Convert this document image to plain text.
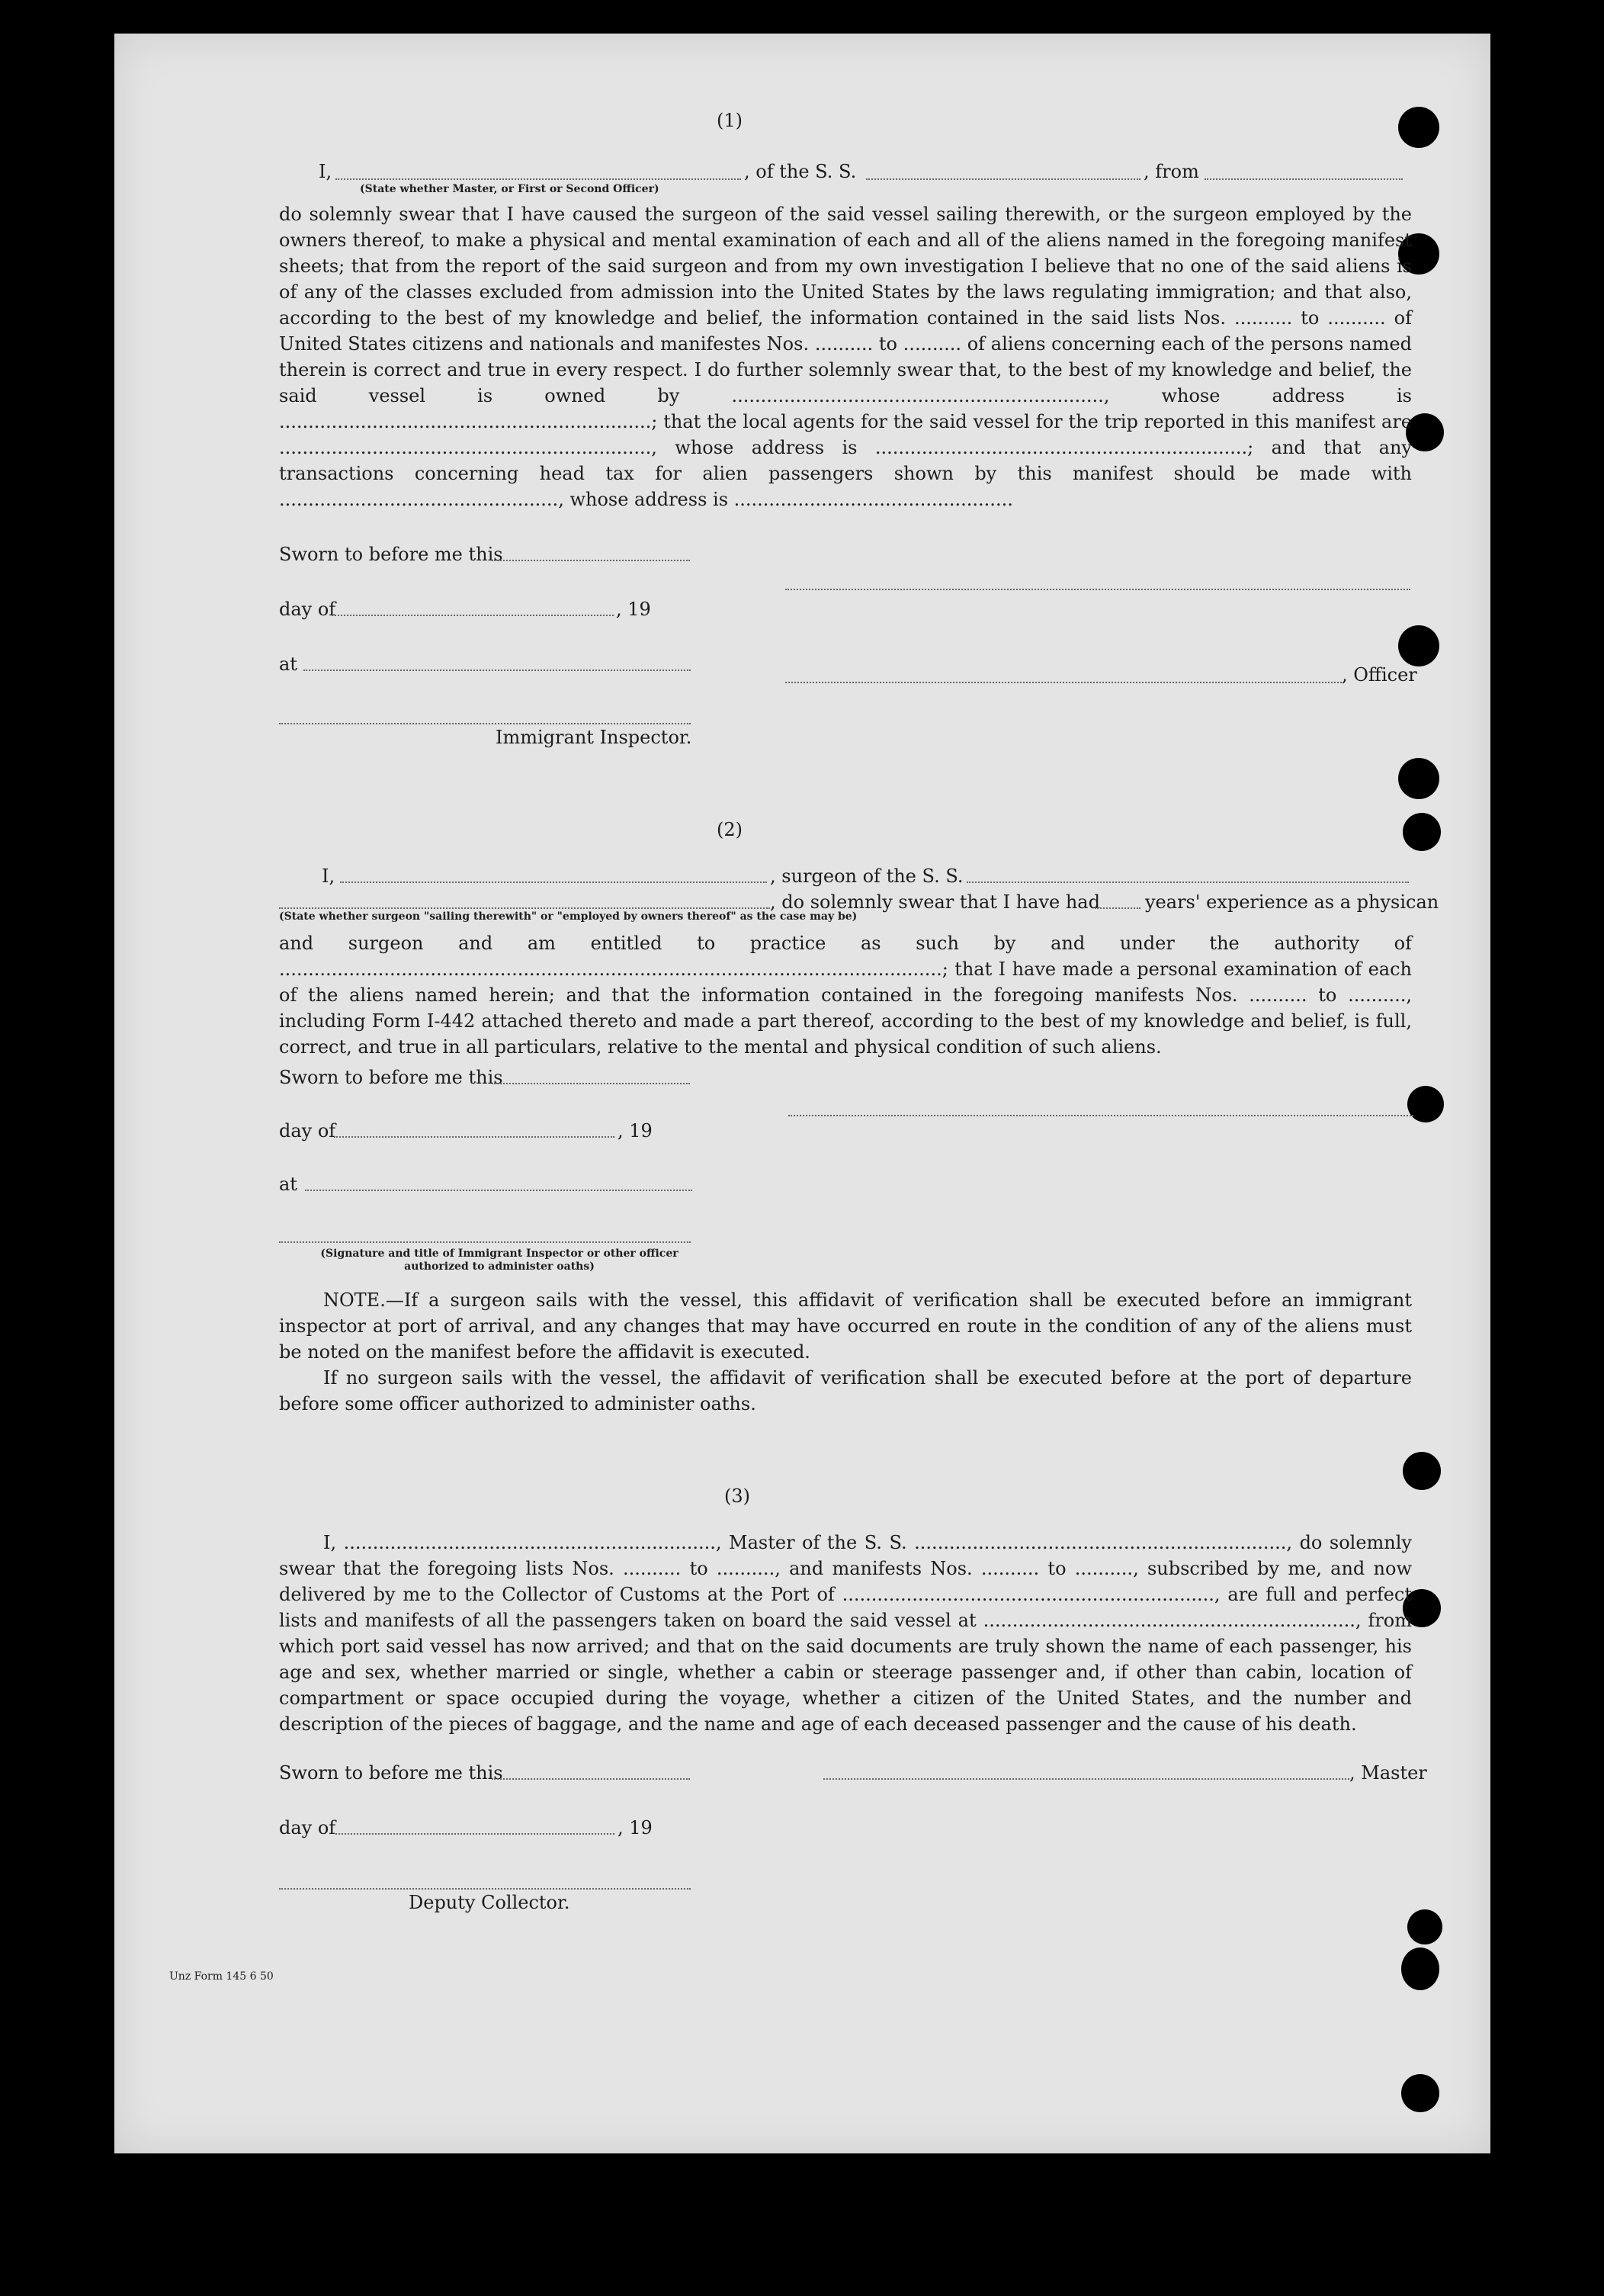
(1)
I,	, of the S. S.	, from
(State whether Master, or First or Second Officer)
do solemnly swear that I have caused the surgeon of the said vessel sailing therewith, or the surgeon employed by the owners thereof, to make a physical and mental examination of each and all of the aliens named in the foregoing manifest sheets; that from the report of the said surgeon and from my own investigation I believe that no one of the said aliens is of any of the classes excluded from admission into the United States by the laws regulating immigration; and that also, according to the best of my knowledge and belief, the information contained in the said lists Nos. .......... to .......... of United States citizens and nationals and manifestes Nos. .......... to .......... of aliens concerning each of the persons named therein is correct and true in every respect. I do further solemnly swear that, to the best of my knowledge and belief, the said vessel is owned by ................................................................, whose address is ................................................................; that the local agents for the said vessel for the trip reported in this manifest are ................................................................, whose address is ................................................................; and that any transactions concerning head tax for alien passengers shown by this manifest should be made with ................................................, whose address is ................................................
Sworn to before me this
day of	, 19
at	, Officer
Immigrant Inspector.
(2)
I,	, surgeon of the S. S.
, do solemnly swear that I have had years' experience as a physican
(State whether surgeon "sailing therewith" or "employed by owners thereof" as the case may be)
and surgeon and am entitled to practice as such by and under the authority of ..................................................................................................................; that I have made a personal examination of each of the aliens named herein; and that the information contained in the foregoing manifests Nos. .......... to .........., including Form I-442 attached thereto and made a part thereof, according to the best of my knowledge and belief, is full, correct, and true in all particulars, relative to the mental and physical condition of such aliens.
Sworn to before me this
day of	, 19
at
(Signature and title of Immigrant Inspector or other officer authorized to administer oaths)
NOTE.—If a surgeon sails with the vessel, this affidavit of verification shall be executed before an immigrant inspector at port of arrival, and any changes that may have occurred en route in the condition of any of the aliens must be noted on the manifest before the affidavit is executed.
If no surgeon sails with the vessel, the affidavit of verification shall be executed before at the port of departure before some officer authorized to administer oaths.
(3)
I, ................................................................, Master of the S. S. ................................................................, do solemnly swear that the foregoing lists Nos. .......... to .........., and manifests Nos. .......... to .........., subscribed by me, and now delivered by me to the Collector of Customs at the Port of ................................................................, are full and perfect lists and manifests of all the passengers taken on board the said vessel at ................................................................, from which port said vessel has now arrived; and that on the said documents are truly shown the name of each passenger, his age and sex, whether married or single, whether a cabin or steerage passenger and, if other than cabin, location of compartment or space occupied during the voyage, whether a citizen of the United States, and the number and description of the pieces of baggage, and the name and age of each deceased passenger and the cause of his death.
Sworn to before me this	, Master
day of	, 19
Deputy Collector.
Unz Form 145 6 50
